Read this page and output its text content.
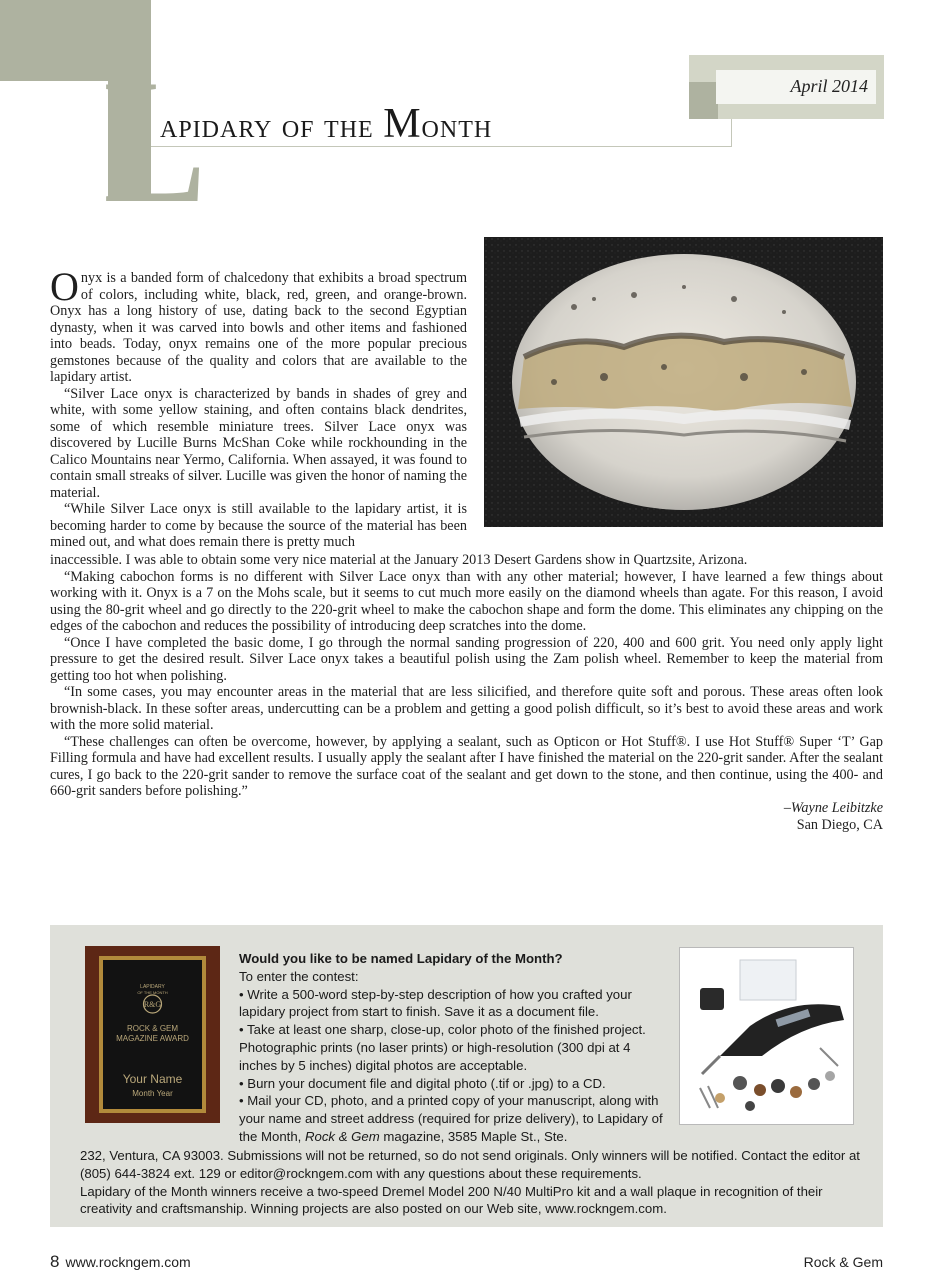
L
apidary of the Month
April 2014

Onyx is a banded form of chalcedony that exhibits a broad spectrum of colors, including white, black, red, green, and orange-brown. Onyx has a long history of use, dating back to the second Egyptian dynasty, when it was carved into bowls and other items and fashioned into beads. Today, onyx remains one of the more popular precious gemstones because of the quality and colors that are available to the lapidary artist.

“Silver Lace onyx is characterized by bands in shades of grey and white, with some yellow staining, and often contains black dendrites, some of which resemble miniature trees. Silver Lace onyx was discovered by Lucille Burns McShan Coke while rockhounding in the Calico Mountains near Yermo, California. When assayed, it was found to contain small streaks of silver. Lucille was given the honor of naming the material.

“While Silver Lace onyx is still available to the lapidary artist, it is becoming harder to come by because the source of the material has been mined out, and what does remain there is pretty much

inaccessible. I was able to obtain some very nice material at the January 2013 Desert Gardens show in Quartzsite, Arizona.

“Making cabochon forms is no different with Silver Lace onyx than with any other material; however, I have learned a few things about working with it. Onyx is a 7 on the Mohs scale, but it seems to cut much more easily on the diamond wheels than agate. For this reason, I avoid using the 80-grit wheel and go directly to the 220-grit wheel to make the cabochon shape and form the dome. This eliminates any chipping on the edges of the cabochon and reduces the possibility of introducing deep scratches into the dome.

“Once I have completed the basic dome, I go through the normal sanding progression of 220, 400 and 600 grit. You need only apply light pressure to get the desired result. Silver Lace onyx takes a beautiful polish using the Zam polish wheel. Remember to keep the material from getting too hot when polishing.

“In some cases, you may encounter areas in the material that are less silicified, and therefore quite soft and porous. These areas often look brownish-black. In these softer areas, undercutting can be a problem and getting a good polish difficult, so it’s best to avoid these areas and work with the more solid material.

“These challenges can often be overcome, however, by applying a sealant, such as Opticon or Hot Stuff®. I use Hot Stuff® Super ‘T’ Gap Filling formula and have had excellent results. I usually apply the sealant after I have finished the material on the 220-grit sander. After the sealant cures, I go back to the 220-grit sander to remove the surface coat of the sealant and get down to the stone, and then continue, using the 400- and 660-grit sanders before polishing.”

–Wayne Leibitzke
San Diego, CA
LAPIDARY
OF THE MONTH
R&G
ROCK & GEM
MAGAZINE AWARD
Your Name
Month Year
Would you like to be named Lapidary of the Month?
To enter the contest:
• Write a 500-word step-by-step description of how you crafted your lapidary project from start to finish. Save it as a document file.
• Take at least one sharp, close-up, color photo of the finished project. Photographic prints (no laser prints) or high-resolution (300 dpi at 4 inches by 5 inches) digital photos are acceptable.
• Burn your document file and digital photo (.tif or .jpg) to a CD.
• Mail your CD, photo, and a printed copy of your manuscript, along with your name and street address (required for prize delivery), to Lapidary of the Month, Rock & Gem magazine, 3585 Maple St., Ste.
232, Ventura, CA 93003. Submissions will not be returned, so do not send originals. Only winners will be notified. Contact the editor at (805) 644-3824 ext. 129 or editor@rockngem.com with any questions about these requirements.
Lapidary of the Month winners receive a two-speed Dremel Model 200 N/40 MultiPro kit and a wall plaque in recognition of their creativity and craftsmanship. Winning projects are also posted on our Web site, www.rockngem.com.
8 www.rockngem.com	Rock & Gem
